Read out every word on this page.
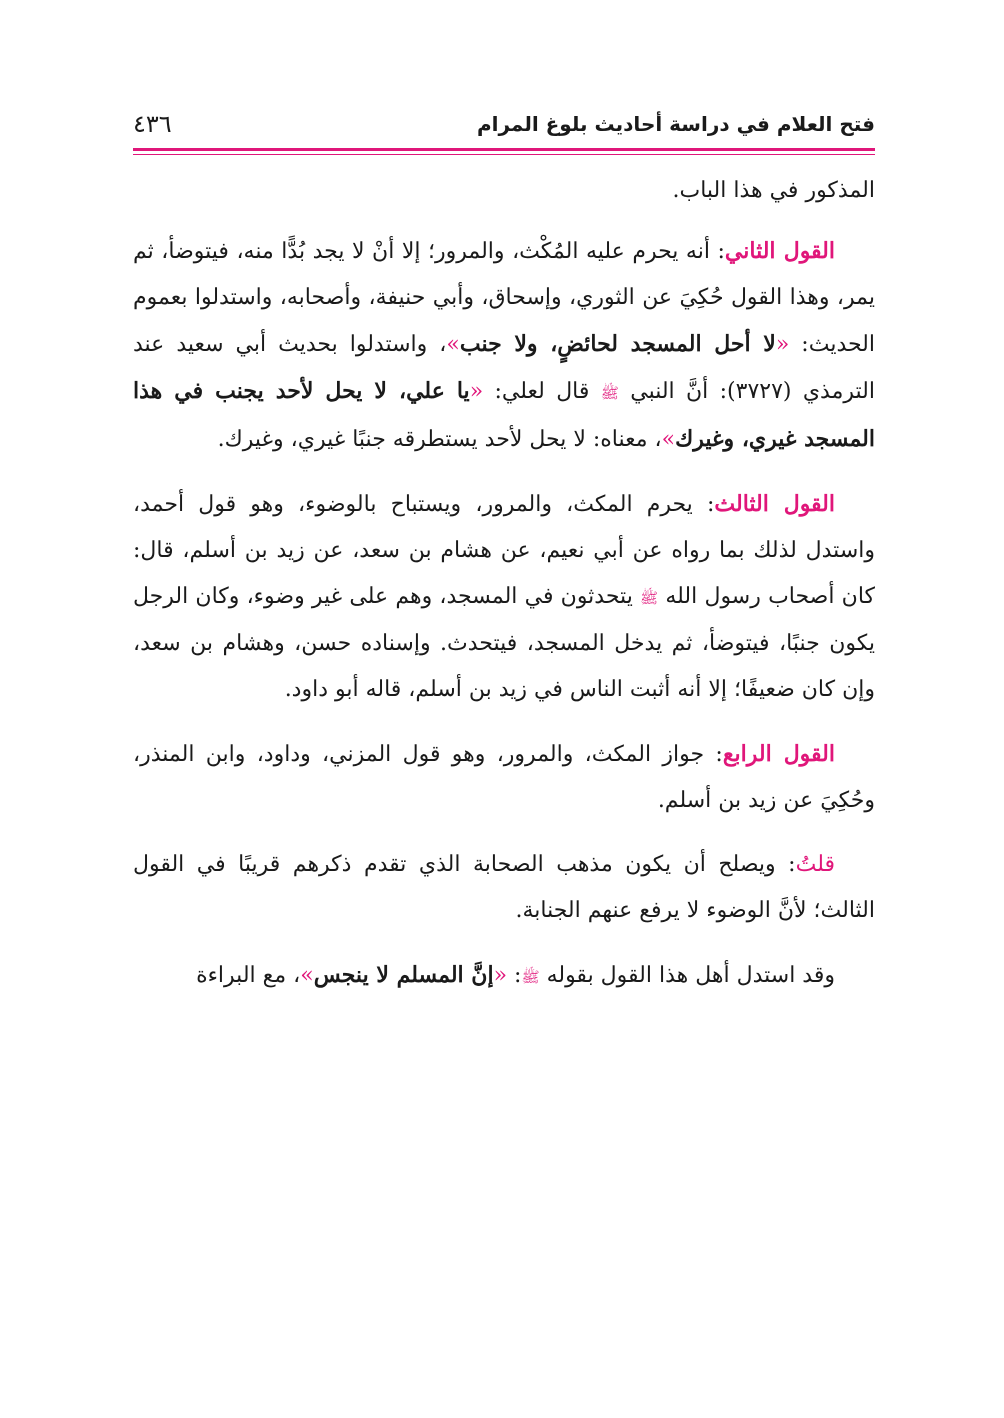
فتح العلام في دراسة أحاديث بلوغ المرام
٤٣٦

المذكور في هذا الباب.

القول الثاني: أنه يحرم عليه المُكْث، والمرور؛ إلا أنْ لا يجد بُدًّا منه، فيتوضأ، ثم يمر، وهذا القول حُكِيَ عن الثوري، وإسحاق، وأبي حنيفة، وأصحابه، واستدلوا بعموم الحديث: «لا أحل المسجد لحائضٍ، ولا جنب»، واستدلوا بحديث أبي سعيد عند الترمذي (٣٧٢٧): أنَّ النبي ﷺ قال لعلي: «يا علي، لا يحل لأحد يجنب في هذا المسجد غيري، وغيرك»، معناه: لا يحل لأحد يستطرقه جنبًا غيري، وغيرك.

القول الثالث: يحرم المكث، والمرور، ويستباح بالوضوء، وهو قول أحمد، واستدل لذلك بما رواه عن أبي نعيم، عن هشام بن سعد، عن زيد بن أسلم، قال: كان أصحاب رسول الله ﷺ يتحدثون في المسجد، وهم على غير وضوء، وكان الرجل يكون جنبًا، فيتوضأ، ثم يدخل المسجد، فيتحدث. وإسناده حسن، وهشام بن سعد، وإن كان ضعيفًا؛ إلا أنه أثبت الناس في زيد بن أسلم، قاله أبو داود.

القول الرابع: جواز المكث، والمرور، وهو قول المزني، وداود، وابن المنذر، وحُكِيَ عن زيد بن أسلم.

قلتُ: ويصلح أن يكون مذهب الصحابة الذي تقدم ذكرهم قريبًا في القول الثالث؛ لأنَّ الوضوء لا يرفع عنهم الجنابة.

وقد استدل أهل هذا القول بقوله ﷺ: «إنَّ المسلم لا ينجس»، مع البراءة
